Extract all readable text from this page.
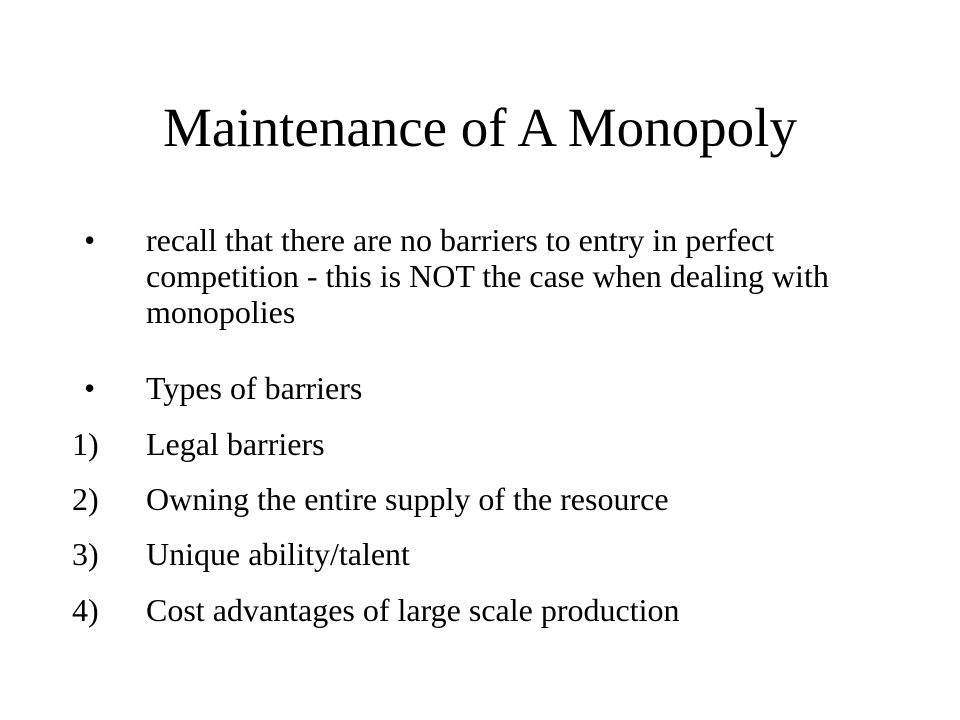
Maintenance of A Monopoly
•	recall that there are no barriers to entry in perfect competition - this is NOT the case when dealing with monopolies
•	Types of barriers
1)	Legal barriers
2)	Owning the entire supply of the resource
3)	Unique ability/talent
4)	Cost advantages of large scale production
